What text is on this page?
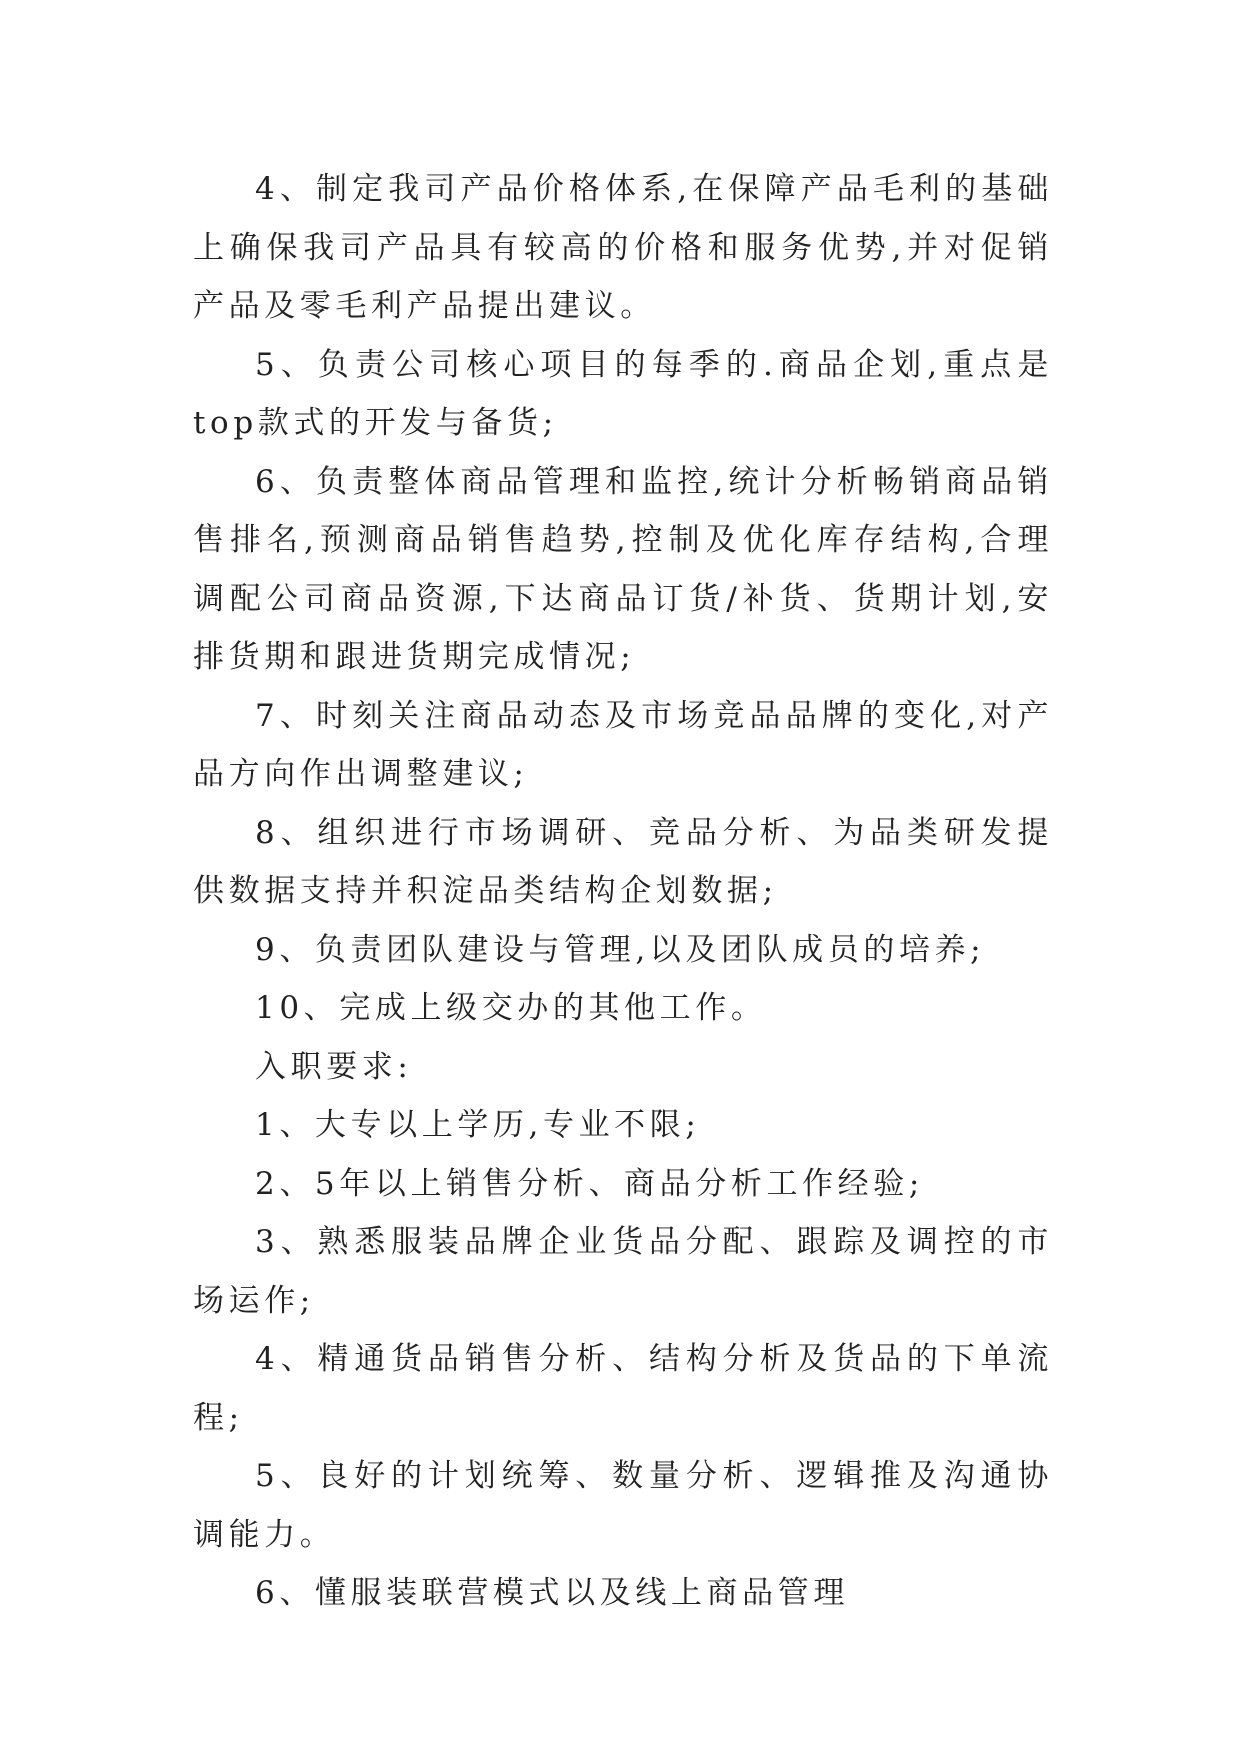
4、制定我司产品价格体系,在保障产品毛利的基础上确保我司产品具有较高的价格和服务优势,并对促销产品及零毛利产品提出建议。

5、负责公司核心项目的每季的.商品企划,重点是top款式的开发与备货;

6、负责整体商品管理和监控,统计分析畅销商品销售排名,预测商品销售趋势,控制及优化库存结构,合理调配公司商品资源,下达商品订货/补货、货期计划,安排货期和跟进货期完成情况;

7、时刻关注商品动态及市场竞品品牌的变化,对产品方向作出调整建议;

8、组织进行市场调研、竞品分析、为品类研发提供数据支持并积淀品类结构企划数据;

9、负责团队建设与管理,以及团队成员的培养;

10、完成上级交办的其他工作。

入职要求:

1、大专以上学历,专业不限;

2、5年以上销售分析、商品分析工作经验;

3、熟悉服装品牌企业货品分配、跟踪及调控的市场运作;

4、精通货品销售分析、结构分析及货品的下单流程;

5、良好的计划统筹、数量分析、逻辑推及沟通协调能力。

6、懂服装联营模式以及线上商品管理
